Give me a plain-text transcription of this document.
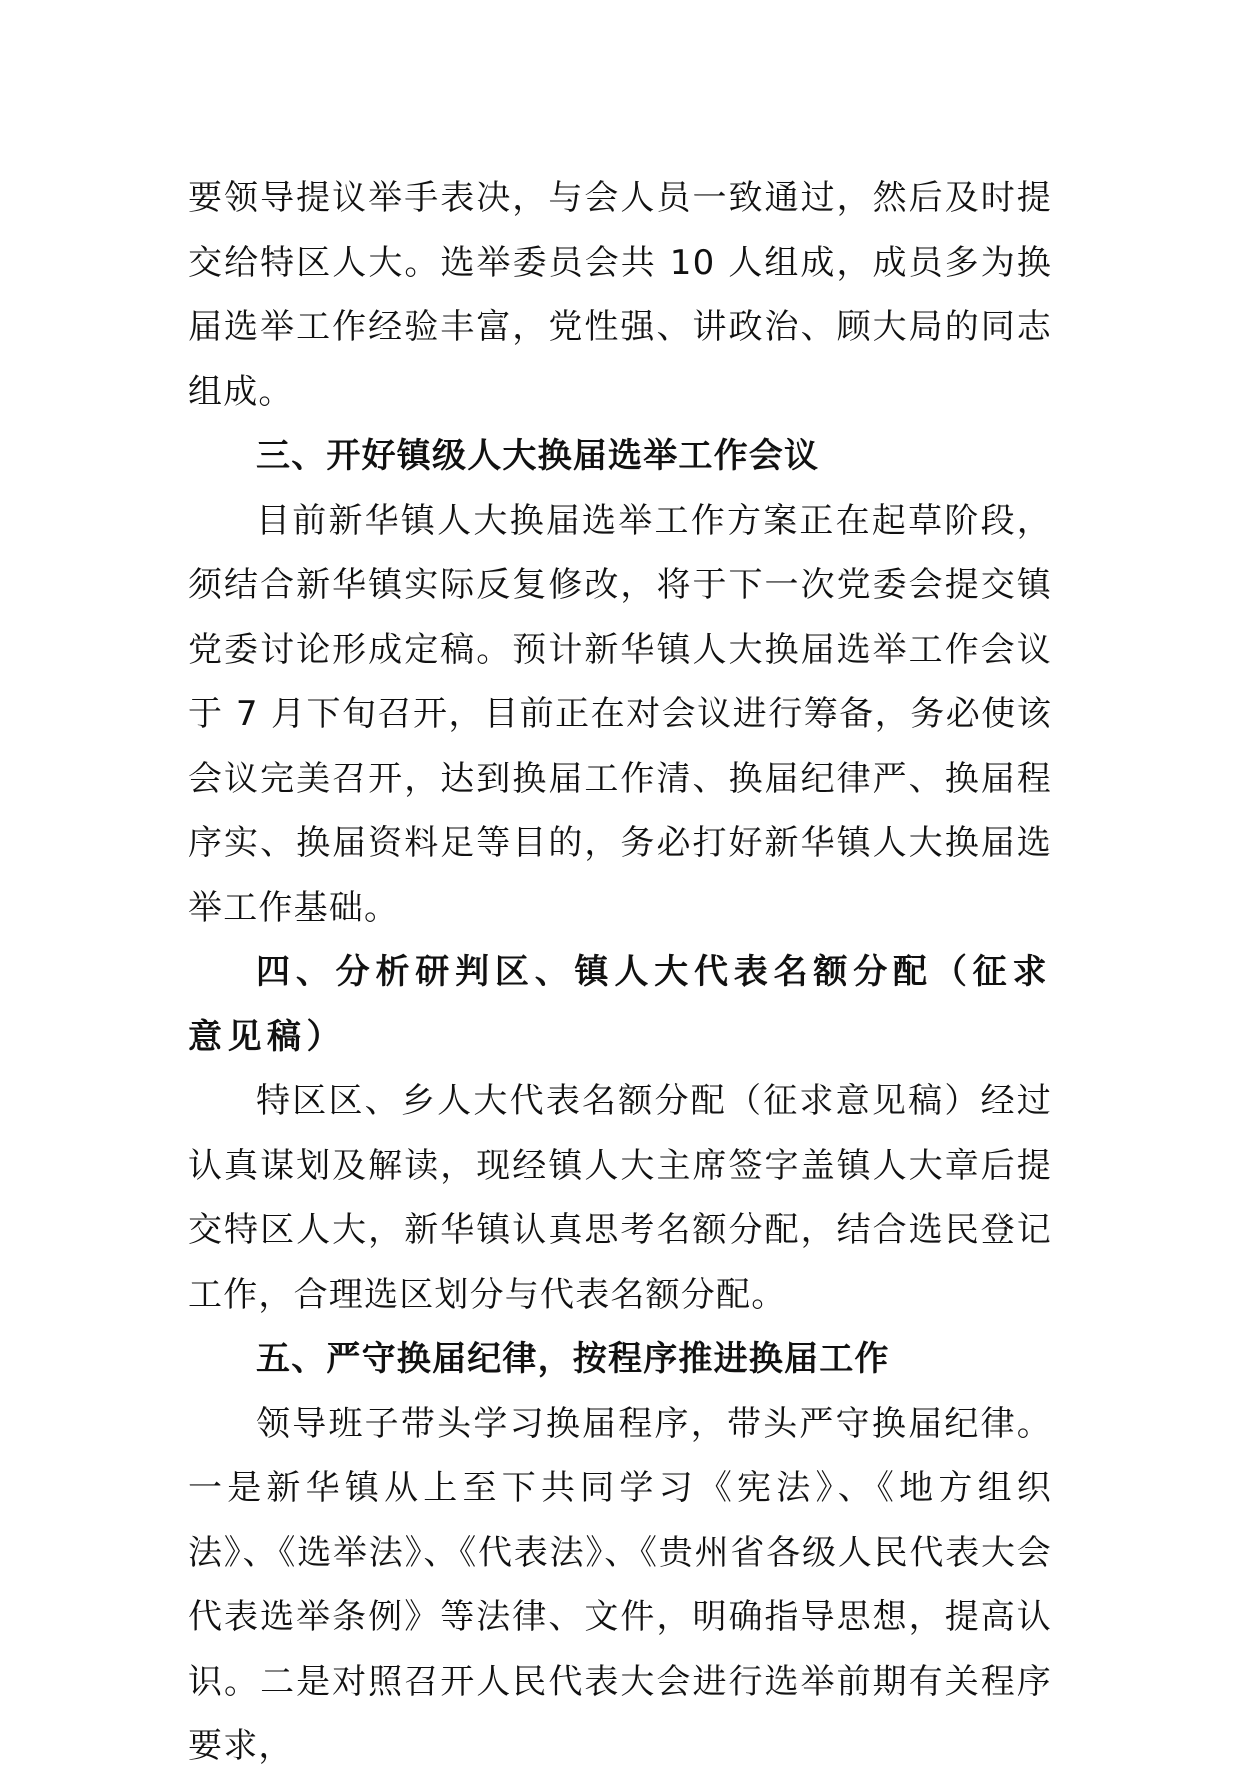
要领导提议举手表决，与会人员一致通过，然后及时提交给特区人大。选举委员会共 10 人组成，成员多为换届选举工作经验丰富，党性强、讲政治、顾大局的同志组成。

三、开好镇级人大换届选举工作会议

目前新华镇人大换届选举工作方案正在起草阶段，须结合新华镇实际反复修改，将于下一次党委会提交镇党委讨论形成定稿。预计新华镇人大换届选举工作会议于 7 月下旬召开，目前正在对会议进行筹备，务必使该会议完美召开，达到换届工作清、换届纪律严、换届程序实、换届资料足等目的，务必打好新华镇人大换届选举工作基础。

四、分析研判区、镇人大代表名额分配（征求意见稿）

特区区、乡人大代表名额分配（征求意见稿）经过认真谋划及解读，现经镇人大主席签字盖镇人大章后提交特区人大，新华镇认真思考名额分配，结合选民登记工作，合理选区划分与代表名额分配。

五、严守换届纪律，按程序推进换届工作

领导班子带头学习换届程序，带头严守换届纪律。一是新华镇从上至下共同学习《宪法》、《地方组织法》、《选举法》、《代表法》、《贵州省各级人民代表大会代表选举条例》等法律、文件，明确指导思想，提高认识。二是对照召开人民代表大会进行选举前期有关程序要求，
